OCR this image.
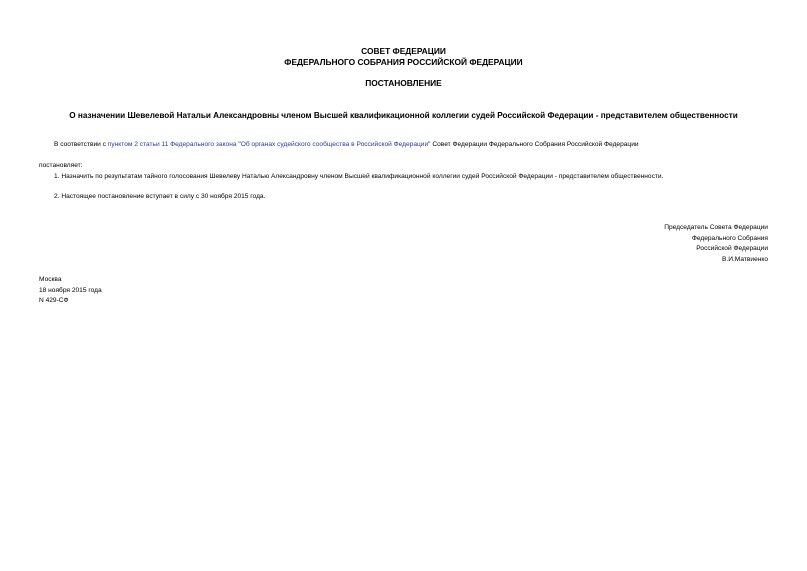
СОВЕТ ФЕДЕРАЦИИ
ФЕДЕРАЛЬНОГО СОБРАНИЯ РОССИЙСКОЙ ФЕДЕРАЦИИ
ПОСТАНОВЛЕНИЕ
О назначении Шевелевой Натальи Александровны членом Высшей квалификационной коллегии судей Российской Федерации - представителем общественности
В соответствии с пунктом 2 статьи 11 Федерального закона "Об органах судейского сообщества в Российской Федерации" Совет Федерации Федерального Собрания Российской Федерации
постановляет:
1. Назначить по результатам тайного голосования Шевелеву Наталью Александровну членом Высшей квалификационной коллегии судей Российской Федерации - представителем общественности.
2. Настоящее постановление вступает в силу с 30 ноября 2015 года.
Председатель Совета Федерации
Федерального Собрания
Российской Федерации
В.И.Матвиенко
Москва
18 ноября 2015 года
N 429-СФ
